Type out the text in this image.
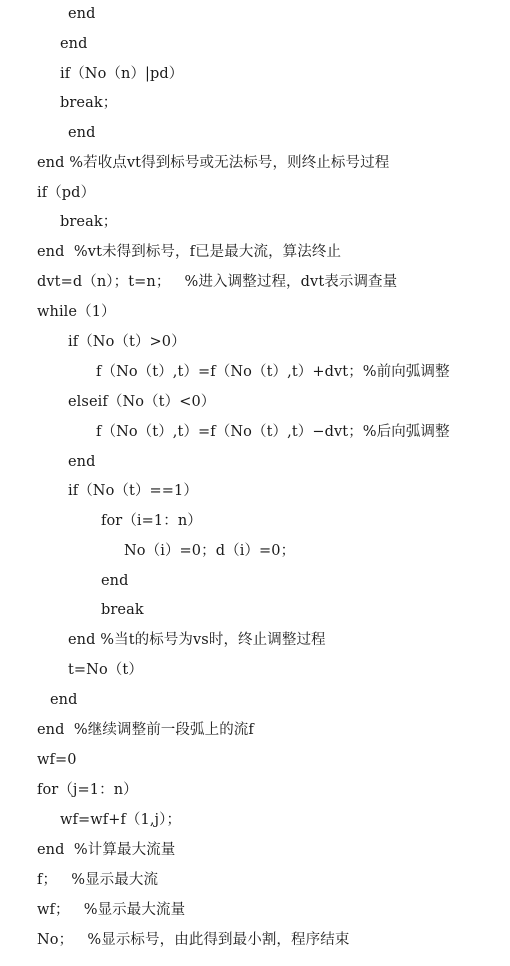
end
end
if（No（n）|pd）
break；
end
end %若收点vt得到标号或无法标号，则终止标号过程
if（pd）
break；
end  %vt未得到标号，f已是最大流，算法终止
dvt=d（n）；t=n；   %进入调整过程，dvt表示调查量
while（1）
if（No（t）>0）
f（No（t）,t）=f（No（t）,t）+dvt；%前向弧调整
elseif（No（t）<0）
f（No（t）,t）=f（No（t）,t）−dvt；%后向弧调整
end
if（No（t）==1）
for（i=1：n）
No（i）=0；d（i）=0；
end
break
end %当t的标号为vs时，终止调整过程
t=No（t）
end
end  %继续调整前一段弧上的流f
wf=0
for（j=1：n）
wf=wf+f（1,j）；
end  %计算最大流量
f；   %显示最大流
wf；   %显示最大流量
No；   %显示标号，由此得到最小割，程序结束
